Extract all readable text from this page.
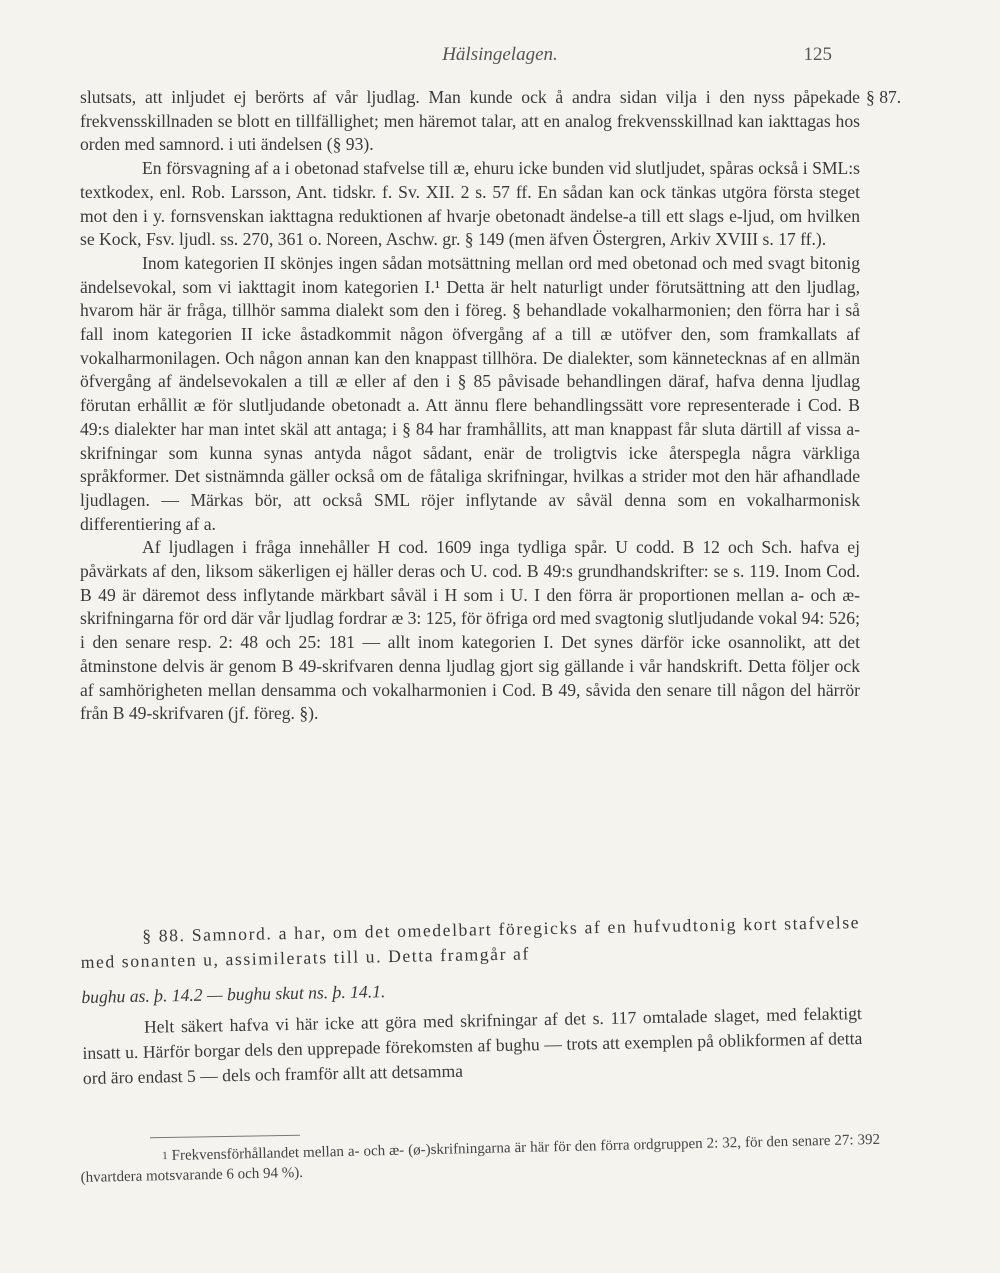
Hälsingelagen.	125
§ 87.

slutsats, att inljudet ej berörts af vår ljudlag. Man kunde ock å andra sidan vilja i den nyss påpekade frekvensskillnaden se blott en tillfällighet; men häremot talar, att en analog frekvensskillnad kan iakttagas hos orden med samnord. i uti ändelsen (§ 93).

En försvagning af a i obetonad stafvelse till æ, ehuru icke bunden vid slutljudet, spåras också i SML:s textkodex, enl. Rob. Larsson, Ant. tidskr. f. Sv. XII. 2 s. 57 ff. En sådan kan ock tänkas utgöra första steget mot den i y. fornsvenskan iakttagna reduktionen af hvarje obetonadt ändelse-a till ett slags e-ljud, om hvilken se Kock, Fsv. ljudl. ss. 270, 361 o. Noreen, Aschw. gr. § 149 (men äfven Östergren, Arkiv XVIII s. 17 ff.).

Inom kategorien II skönjes ingen sådan motsättning mellan ord med obetonad och med svagt bitonig ändelsevokal, som vi iakttagit inom kategorien I.¹ Detta är helt naturligt under förutsättning att den ljudlag, hvarom här är fråga, tillhör samma dialekt som den i föreg. § behandlade vokalharmonien; den förra har i så fall inom kategorien II icke åstadkommit någon öfvergång af a till æ utöfver den, som framkallats af vokalharmonilagen. Och någon annan kan den knappast tillhöra. De dialekter, som kännetecknas af en allmän öfvergång af ändelsevokalen a till æ eller af den i § 85 påvisade behandlingen däraf, hafva denna ljudlag förutan erhållit æ för slutljudande obetonadt a. Att ännu flere behandlingssätt vore representerade i Cod. B 49:s dialekter har man intet skäl att antaga; i § 84 har framhållits, att man knappast får sluta därtill af vissa a-skrifningar som kunna synas antyda något sådant, enär de troligtvis icke återspegla några värkliga språkformer. Det sistnämnda gäller också om de fåtaliga skrifningar, hvilkas a strider mot den här afhandlade ljudlagen. — Märkas bör, att också SML röjer inflytande av såväl denna som en vokalharmonisk differentiering af a.

Af ljudlagen i fråga innehåller H cod. 1609 inga tydliga spår. U codd. B 12 och Sch. hafva ej påvärkats af den, liksom säkerligen ej häller deras och U. cod. B 49:s grundhandskrifter: se s. 119. Inom Cod. B 49 är däremot dess inflytande märkbart såväl i H som i U. I den förra är proportionen mellan a- och æ-skrifningarna för ord där vår ljudlag fordrar æ 3: 125, för öfriga ord med svagtonig slutljudande vokal 94: 526; i den senare resp. 2: 48 och 25: 181 — allt inom kategorien I. Det synes därför icke osannolikt, att det åtminstone delvis är genom B 49-skrifvaren denna ljudlag gjort sig gällande i vår handskrift. Detta följer ock af samhörigheten mellan densamma och vokalharmonien i Cod. B 49, såvida den senare till någon del härrör från B 49-skrifvaren (jf. föreg. §).

§ 88. Samnord. a har, om det omedelbart föregicks af en hufvudtonig kort stafvelse med sonanten u, assimilerats till u. Detta framgår af

bughu as. þ. 14.2 — bughu skut ns. þ. 14.1.

Helt säkert hafva vi här icke att göra med skrifningar af det s. 117 omtalade slaget, med felaktigt insatt u. Härför borgar dels den upprepade förekomsten af bughu — trots att exemplen på oblikformen af detta ord äro endast 5 — dels och framför allt att detsamma

$^1$ Frekvensförhållandet mellan a- och æ- (ø-)skrifningarna är här för den förra ordgruppen 2: 32, för den senare 27: 392 (hvartdera motsvarande 6 och 94 %).
